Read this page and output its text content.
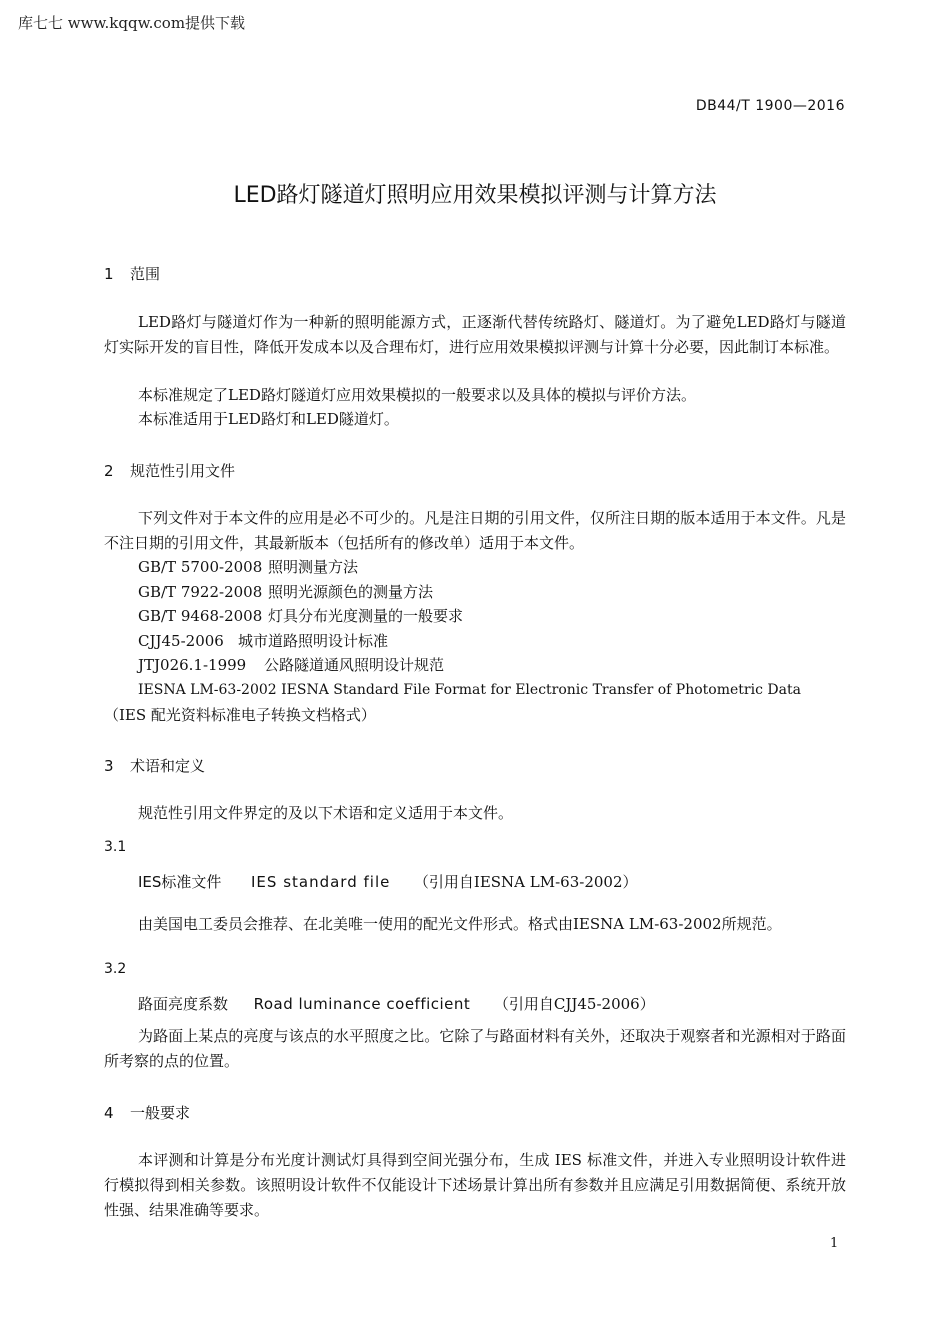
库七七 www.kqqw.com提供下载
DB44/T 1900—2016
LED路灯隧道灯照明应用效果模拟评测与计算方法
1 范围
LED路灯与隧道灯作为一种新的照明能源方式，正逐渐代替传统路灯、隧道灯。为了避免LED路灯与隧道灯实际开发的盲目性，降低开发成本以及合理布灯，进行应用效果模拟评测与计算十分必要，因此制订本标准。
本标准规定了LED路灯隧道灯应用效果模拟的一般要求以及具体的模拟与评价方法。
本标准适用于LED路灯和LED隧道灯。
2 规范性引用文件
下列文件对于本文件的应用是必不可少的。凡是注日期的引用文件，仅所注日期的版本适用于本文件。凡是不注日期的引用文件，其最新版本（包括所有的修改单）适用于本文件。
GB/T 5700-2008 照明测量方法
GB/T 7922-2008 照明光源颜色的测量方法
GB/T 9468-2008 灯具分布光度测量的一般要求
CJJ45-2006 城市道路照明设计标准
JTJ026.1-1999 公路隧道通风照明设计规范
IESNA LM-63-2002 IESNA Standard File Format for Electronic Transfer of Photometric Data
（IES 配光资料标准电子转换文档格式）
3 术语和定义
规范性引用文件界定的及以下术语和定义适用于本文件。
3.1
IES标准文件 IES standard file （引用自IESNA LM-63-2002）
由美国电工委员会推荐、在北美唯一使用的配光文件形式。格式由IESNA LM-63-2002所规范。
3.2
路面亮度系数 Road luminance coefficient （引用自CJJ45-2006）
为路面上某点的亮度与该点的水平照度之比。它除了与路面材料有关外，还取决于观察者和光源相对于路面所考察的点的位置。
4 一般要求
本评测和计算是分布光度计测试灯具得到空间光强分布，生成 IES 标准文件，并进入专业照明设计软件进行模拟得到相关参数。该照明设计软件不仅能设计下述场景计算出所有参数并且应满足引用数据简便、系统开放性强、结果准确等要求。
1
